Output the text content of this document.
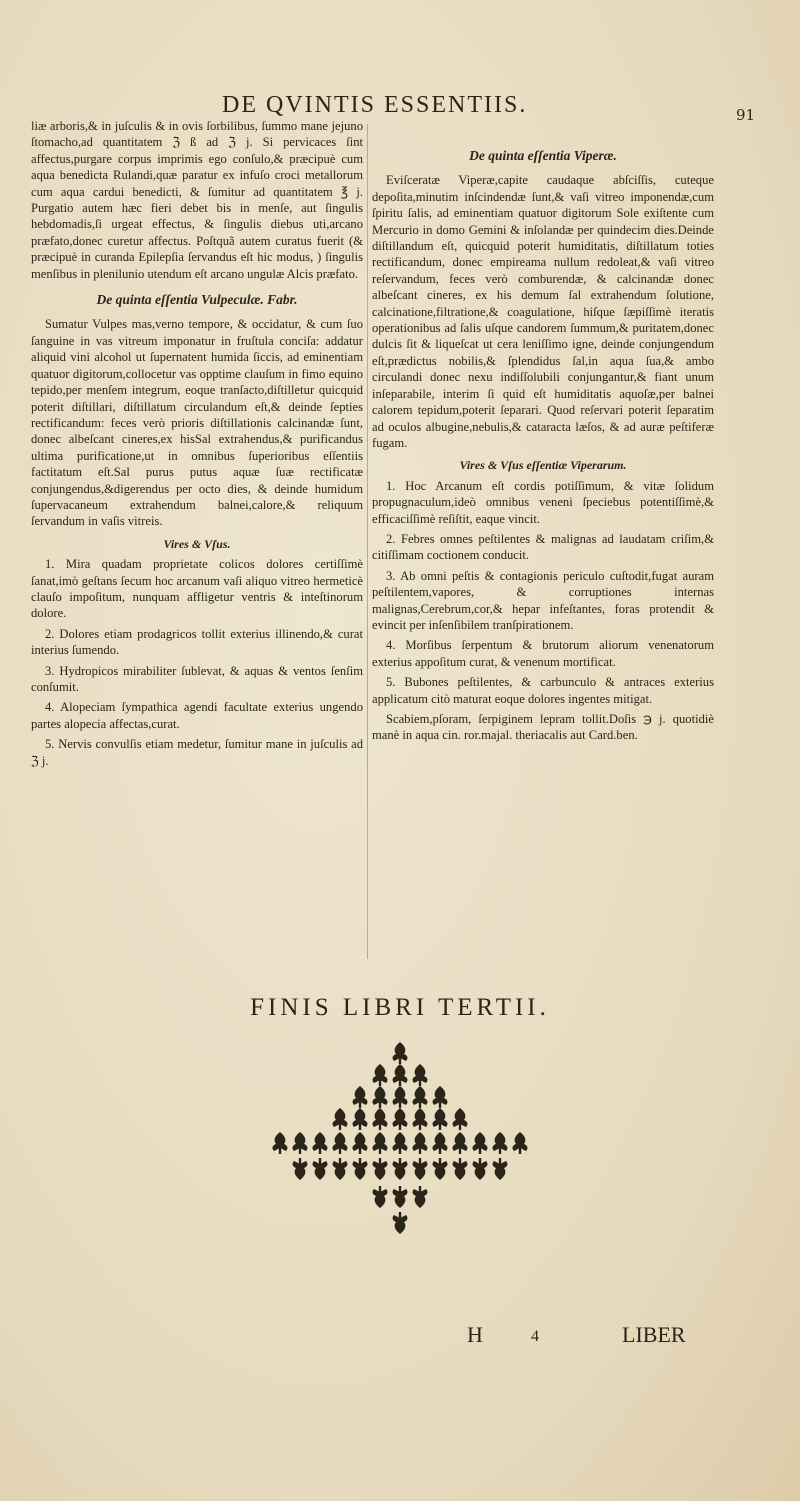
DE QVINTIS ESSENTIIS.	91

liæ arboris,& in juſculis & in ovis ſorbilibus, ſummo mane jejuno ſtomacho,ad quantitatem ℨ ß ad ℨ j. Si pervicaces ſint affectus,purgare corpus imprimis ego conſulo,& præcipuè cum aqua benedicta Rulandi,quæ paratur ex infuſo croci metallorum cum aqua cardui benedicti, & ſumitur ad quantitatem ℥ j. Purgatio autem hæc fieri debet bis in menſe, aut ſingulis hebdomadis,ſi urgeat effectus, & ſingulis diebus uti,arcano præfato,donec curetur affectus. Poſtquã autem curatus fuerit (& præcipuè in curanda Epilepſia ſervandus eſt hic modus, ) ſingulis menſibus in plenilunio utendum eſt arcano ungulæ Alcis præfato.

De quinta eſſentia Vulpeculæ. Fabr.

Sumatur Vulpes mas,verno tempore, & occidatur, & cum ſuo ſanguine in vas vitreum imponatur in fruſtula conciſa: addatur aliquid vini alcohol ut ſupernatent humida ſiccis, ad eminentiam quatuor digitorum,collocetur vas opptime clauſum in fimo equino tepido,per menſem integrum, eoque tranſacto,diſtilletur quicquid poterit diſtillari, diſtillatum circulandum eſt,& deinde ſepties rectificandum: feces verò prioris diſtillationis calcinandæ ſunt, donec albeſcant cineres,ex hisSal extrahendus,& purificandus ultima purificatione,ut in omnibus ſuperioribus eſſentiis factitatum eſt.Sal purus putus aquæ ſuæ rectificatæ conjungendus,&digerendus per octo dies, & deinde humidum ſupervacaneum extrahendum balnei,calore,& reliquum ſervandum in vaſis vitreis.

Vires & Vſus.

1. Mira quadam proprietate colicos dolores certiſſimè ſanat,imò geſtans ſecum hoc arcanum vaſi aliquo vitreo hermeticè clauſo impoſitum, nunquam affligetur ventris & inteſtinorum dolore.

2. Dolores etiam prodagricos tollit exterius illinendo,& curat interius ſumendo.

3. Hydropicos mirabiliter ſublevat, & aquas & ventos ſenſim conſumit.

4. Alopeciam ſympathica agendi facultate exterius ungendo partes alopecia affectas,curat.

5. Nervis convulſis etiam medetur, ſumitur mane in juſculis ad ℨ j.

De quinta eſſentia Viperæ.

Eviſceratæ Viperæ,capite caudaque abſciſſis, cuteque depoſita,minutim inſcindendæ ſunt,& vaſi vitreo imponendæ,cum ſpiritu ſalis, ad eminentiam quatuor digitorum Sole exiſtente cum Mercurio in domo Gemini & inſolandæ per quindecim dies.Deinde diſtillandum eſt, quicquid poterit humiditatis, diſtillatum toties rectificandum, donec empireama nullum redoleat,& vaſi vitreo reſervandum, feces verò comburendæ, & calcinandæ donec albeſcant cineres, ex his demum ſal extrahendum ſolutione, calcinatione,filtratione,& coagulatione, hiſque ſæpiſſimè iteratis operationibus ad ſalis uſque candorem ſummum,& puritatem,donec dulcis ſit & liqueſcat ut cera leniſſimo igne, deinde conjungendum eſt,prædictus nobilis,& ſplendidus ſal,in aqua ſua,& ambo circulandi donec nexu indiſſolubili conjungantur,& fiant unum inſeparabile, interim ſi quid eſt humiditatis aquoſæ,per balnei calorem tepidum,poterit ſeparari. Quod reſervari poterit ſeparatim ad oculos albugine,nebulis,& cataracta læſos, & ad auræ peſtiferæ fugam.

Vires & Vſus eſſentiæ Viperarum.

1. Hoc Arcanum eſt cordis potiſſimum, & vitæ ſolidum propugnaculum,ideò omnibus veneni ſpeciebus potentiſſimè,& efficaciſſimè reſiſtit, eaque vincit.

2. Febres omnes peſtilentes & malignas ad laudatam criſim,& citiſſimam coctionem conducit.

3. Ab omni peſtis & contagionis periculo cuſtodit,fugat auram peſtilentem,vapores, & corruptiones internas malignas,Cerebrum,cor,& hepar infeſtantes, foras protendit & evincit per inſenſibilem tranſpirationem.

4. Morſibus ſerpentum & brutorum aliorum venenatorum exterius appoſitum curat, & venenum mortificat.

5. Bubones peſtilentes, & carbunculo & antraces exterius applicatum citò maturat eoque dolores ingentes mitigat.

Scabiem,pſoram, ſerpiginem lepram tollit.Doſis ℈ j. quotidiè manè in aqua cin. ror.majal. theriacalis aut Card.ben.

FINIS LIBRI TERTII.
H	4	LIBER
